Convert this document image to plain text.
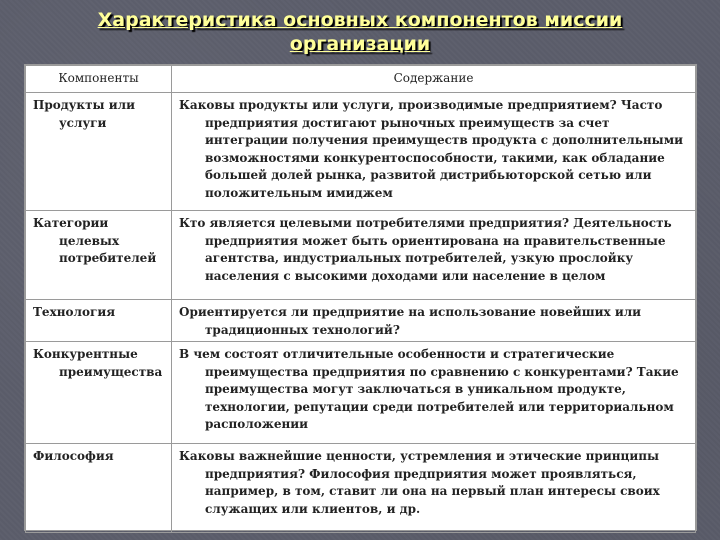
Характеристика основных компонентов миссии
организации
Компоненты	Содержание

Продукты или услуги	Каковы продукты или услуги, производимые предприятием? Часто предприятия достигают рыночных преимуществ за счет интеграции получения преимуществ продукта с дополнительными возможностями конкурентоспособности, такими, как обладание большей долей рынка, развитой дистрибьюторской сетью или положительным имиджем

Категории целевых потребителей	Кто является целевыми потребителями предприятия? Деятельность предприятия может быть ориентирована на правительственные агентства, индустриальных потребителей, узкую прослойку населения с высокими доходами или население в целом

Технология	Ориентируется ли предприятие на использование новейших или традиционных технологий?

Конкурентные преимущества	В чем состоят отличительные особенности и стратегические преимущества предприятия по сравнению с конкурентами? Такие преимущества могут заключаться в уникальном продукте, технологии, репутации среди потребителей или территориальном расположении

Философия	Каковы важнейшие ценности, устремления и этические принципы предприятия? Философия предприятия может проявляться, например, в том, ставит ли она на первый план интересы своих служащих или клиентов, и др.
